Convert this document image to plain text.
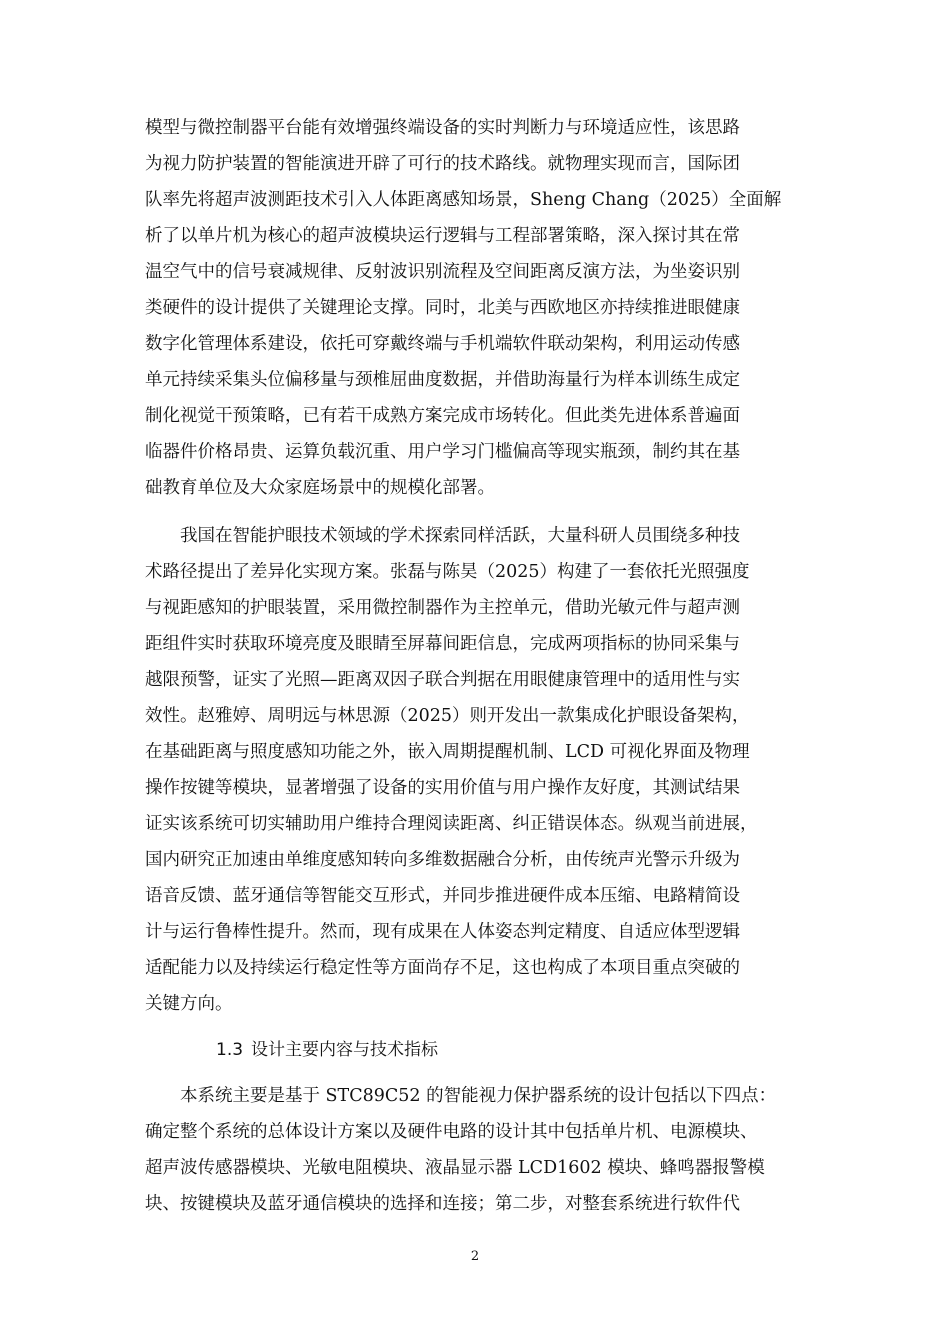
模型与微控制器平台能有效增强终端设备的实时判断力与环境适应性，该思路
为视力防护装置的智能演进开辟了可行的技术路线。就物理实现而言，国际团
队率先将超声波测距技术引入人体距离感知场景，Sheng Chang（2025）全面解
析了以单片机为核心的超声波模块运行逻辑与工程部署策略，深入探讨其在常
温空气中的信号衰减规律、反射波识别流程及空间距离反演方法，为坐姿识别
类硬件的设计提供了关键理论支撑。同时，北美与西欧地区亦持续推进眼健康
数字化管理体系建设，依托可穿戴终端与手机端软件联动架构，利用运动传感
单元持续采集头位偏移量与颈椎屈曲度数据，并借助海量行为样本训练生成定
制化视觉干预策略，已有若干成熟方案完成市场转化。但此类先进体系普遍面
临器件价格昂贵、运算负载沉重、用户学习门槛偏高等现实瓶颈，制约其在基
础教育单位及大众家庭场景中的规模化部署。
我国在智能护眼技术领域的学术探索同样活跃，大量科研人员围绕多种技
术路径提出了差异化实现方案。张磊与陈昊（2025）构建了一套依托光照强度
与视距感知的护眼装置，采用微控制器作为主控单元，借助光敏元件与超声测
距组件实时获取环境亮度及眼睛至屏幕间距信息，完成两项指标的协同采集与
越限预警，证实了光照—距离双因子联合判据在用眼健康管理中的适用性与实
效性。赵雅婷、周明远与林思源（2025）则开发出一款集成化护眼设备架构，
在基础距离与照度感知功能之外，嵌入周期提醒机制、LCD 可视化界面及物理
操作按键等模块，显著增强了设备的实用价值与用户操作友好度，其测试结果
证实该系统可切实辅助用户维持合理阅读距离、纠正错误体态。纵观当前进展，
国内研究正加速由单维度感知转向多维数据融合分析，由传统声光警示升级为
语音反馈、蓝牙通信等智能交互形式，并同步推进硬件成本压缩、电路精简设
计与运行鲁棒性提升。然而，现有成果在人体姿态判定精度、自适应体型逻辑
适配能力以及持续运行稳定性等方面尚存不足，这也构成了本项目重点突破的
关键方向。
1.3 设计主要内容与技术指标
本系统主要是基于 STC89C52 的智能视力保护器系统的设计包括以下四点：
确定整个系统的总体设计方案以及硬件电路的设计其中包括单片机、电源模块、
超声波传感器模块、光敏电阻模块、液晶显示器 LCD1602 模块、蜂鸣器报警模
块、按键模块及蓝牙通信模块的选择和连接；第二步，对整套系统进行软件代
2
